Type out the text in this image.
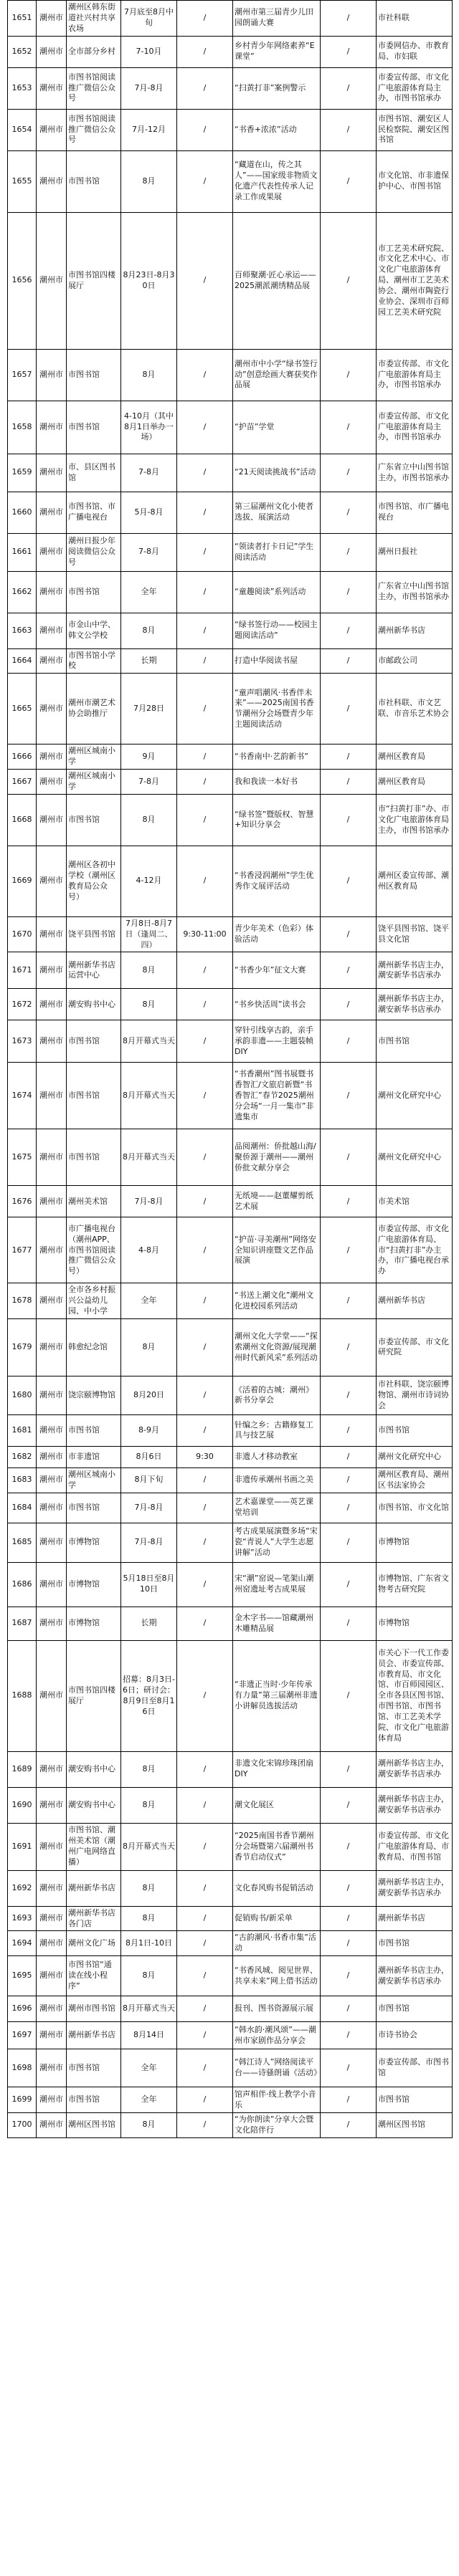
1651	潮州市	潮州区韩东街道社兴村共享农场	7月底至8月中旬	/	潮州市第三届青少儿田园朗诵大赛	/	市社科联
1652	潮州市	全市部分乡村	7-10月	/	乡村青少年网络素养“E课堂”	/	市委网信办、市教育局、市妇联
1653	潮州市	市图书馆阅读推广微信公众号	7月-8月	/	“扫黄打非”案例警示	/	市委宣传部、市文化广电旅游体育局主办，市图书馆承办
1654	潮州市	市图书馆阅读推广微信公众号	7月-12月	/	“书香+浓浓”活动	/	市图书馆、潮安区人民检察院、潮安区图书馆
1655	潮州市	市图书馆	8月	/	“藏道在山，传之其人”——国家级非物质文化遗产代表性传承人记录工作成果展	/	市文化馆、市非遗保护中心、市图书馆
1656	潮州市	市图书馆四楼展厅	8月23日-8月30日	/	百师聚潮·匠心承运——2025潮派潮绣精品展	/	市工艺美术研究院、市文化艺术中心、市文化广电旅游体育局、潮州市工艺美术协会、潮州市陶瓷行业协会、深圳市百师园工艺美术研究院
1657	潮州市	市图书馆	8月	/	潮州市中小学“绿书签行动”创意绘画大赛获奖作品展	/	市委宣传部、市文化广电旅游体育局主办，市图书馆承办
1658	潮州市	市图书馆	4-10月（其中8月1日举办一场）	/	“护苗”学堂	/	市委宣传部、市文化广电旅游体育局主办，市图书馆承办
1659	潮州市	市、县区图书馆	7-8月	/	“21天阅读挑战书”活动	/	广东省立中山图书馆主办，市图书馆承办
1660	潮州市	市图书馆、市广播电视台	5月-8月	/	第三届潮州文化小使者选拔、展演活动	/	市图书馆、市广播电视台
1661	潮州市	潮州日报少年阅读微信公众号	7-8月	/	“领读者打卡日记”学生阅读活动	/	潮州日报社
1662	潮州市	市图书馆	全年	/	“童趣阅读”系列活动	/	广东省立中山图书馆主办，市图书馆承办
1663	潮州市	市金山中学、韩文公学校	8月	/	“绿书签行动——校园主题阅读活动”	/	潮州新华书店
1664	潮州市	市图书馆小学校	长期	/	打造中华阅读书屋	/	市邮政公司
1665	潮州市	潮州市潮艺术协会助推厅	7月28日	/	“童声唱潮风·书香伴未来”——2025南国书香节潮州分会场暨青少年主题阅读活动	/	市社科联、市文艺联、市音乐艺术协会
1666	潮州市	潮州区城南小学	9月	/	“书香南中·艺韵新书”	/	潮州区教育局
1667	潮州市	潮州区城南小学	7-8月	/	我和我读一本好书	/	潮州区教育局
1668	潮州市	市图书馆	8月	/	“绿书签”暨版权、智慧+知识分享会	/	市“扫黄打非”办、市文化广电旅游体育局主办，市图书馆承办
1669	潮州市	潮州区各初中学校（潮州区教育局公众号）	4-12月	/	“书香浸润潮州”学生优秀作文展评活动	/	潮州区委宣传部、潮州区教育局
1670	潮州市	饶平县图书馆	7月8日-8月7日（逢周二、四）	9:30-11:00	青少年美术（色彩）体验活动	/	饶平县图书馆、饶平县文化馆
1671	潮州市	潮州新华书店运营中心	8月	/	“书香少年”征文大赛	/	潮州新华书店主办，潮安新华书店承办
1672	潮州市	潮安购书中心	8月	/	“书乡快活周”读书会	/	潮州新华书店主办，潮安新华书店承办
1673	潮州市	市图书馆	8月开幕式当天	/	穿针引线享古韵，亲手承韵非遗——主题装帧DIY	/	市图书馆
1674	潮州市	市图书馆	8月开幕式当天	/	“书香潮州”图书展暨书香智汇/文旅启新暨“书香智汇”春节2025潮州分会场“一月一集市”非遗集市	/	潮州文化研究中心
1675	潮州市	市图书馆	8月开幕式当天	/	品阅潮州：侨批越山海/聚侨源于潮州——潮州侨批文献分享会	/	潮州文化研究中心
1676	潮州市	潮州美术馆	7月-8月	/	无纸境——赵董耀剪纸艺术展	/	市美术馆
1677	潮州市	市广播电视台（潮州APP、市图书馆阅读推广微信公众号）	4-8月	/	“护苗·寻美潮州”网络安全知识讲座暨文艺作品展演	/	市委宣传部、市文化广电旅游体育局、市“扫黄打非”办主办，市广播电视台承办
1678	潮州市	全市各乡村振兴公益幼儿园、中小学	全年	/	“书送上潮文化”潮州文化进校园系列活动	/	潮州新华书店
1679	潮州市	韩愈纪念馆	8月	/	潮州文化大学堂——“探索潮州文化资源/展现潮州时代新风采”系列活动	/	市委宣传部、市文化研究院
1680	潮州市	饶宗颐博物馆	8月20日	/	《活着的古城：潮州》新书分享会	/	市社科联、饶宗颐博物馆、潮州市诗词协会
1681	潮州市	市图书馆	8-9月	/	针编之乡：古籍修复工具与技艺展	/	市图书馆
1682	潮州市	市非遗馆	8月6日	9:30	非遗人才移动教室	/	潮州文化研究中心
1683	潮州市	潮州区城南小学	8月下旬	/	非遗传承潮州书画之美	/	潮州区教育局、潮州区书法家协会
1684	潮州市	市图书馆	7月-8月	/	艺术嘉课堂——英艺课堂培训	/	市图书馆、市文化馆
1685	潮州市	市博物馆	7月-8月	/	考古成果展演暨多场“宋瓷“青说人”大学生志愿讲解”活动	/	市博物馆
1686	潮州市	市博物馆	5月18日至8月10日	/	宋“潮”窑说—笔架山潮州窑遗址考古成果展	/	市博物馆、广东省文物考古研究院
1687	潮州市	市博物馆	长期	/	金木字书——馆藏潮州木雕精品展	/	市博物馆
1688	潮州市	市图书馆四楼展厅	招募：8月3日-6日；研讨会：8月9日至8月16日	/	“非遗正当时·少年传承有力量”第三届潮州非遗小讲解员选拔活动	/	市关心下一代工作委员会、市委宣传部、市教育局、市文化馆、市百师园园区、全市各县区图书馆、市图书馆、市图书馆、市工艺美术学院、市文化广电旅游体育局
1689	潮州市	潮安购书中心	8月	/	非遗文化宋锦珍珠团扇DIY	/	潮州新华书店主办，潮安新华书店承办
1690	潮州市	潮安购书中心	8月	/	潮文化展区	/	潮州新华书店主办，潮安新华书店承办
1691	潮州市	市图书馆、潮州美术馆（潮州广电网络直播）	8月开幕式当天	/	“2025南国书香节潮州分会场暨第六届潮州书香节启动仪式”	/	市委宣传部、市文化广电旅游体育局、市教育局、市图书馆
1692	潮州市	潮州新华书店	8月	/	文化春风购书促销活动	/	潮州新华书店主办，潮安新华书店承办
1693	潮州市	潮州新华书店各门店	8月	/	促销购书/新采单	/	潮州新华书店
1694	潮州市	潮州文化广场	8月1日-10日	/	“古韵潮风·书香市集”活动	/	市图书馆
1695	潮州市	市图书馆“通读在线小程序”	8月	/	“书香风城、阅见世界、共享未来”网上借书活动	/	潮州新华书店主办，潮安新华书店承办
1696	潮州市	潮州市图书馆	8月开幕式当天	/	报刊、图书资源展示展	/	市图书馆
1697	潮州市	潮州新华书店	8月14日	/	“韩水韵·潮风颂”——潮州市家剧作品分享会	/	市诗书协会
1698	潮州市	市图书馆	全年	/	“韩江诗人”网络阅读平台——诗骚朗诵《活动》	/	市委宣传部、市图书馆
1699	潮州市	市图书馆	全年	/	馆声相伴·线上教学小音乐	/	市图书馆
1700	潮州市	潮州区图书馆	8月	/	“为你朗读”分享大会暨文化陪伴行	/	潮州区图书馆
